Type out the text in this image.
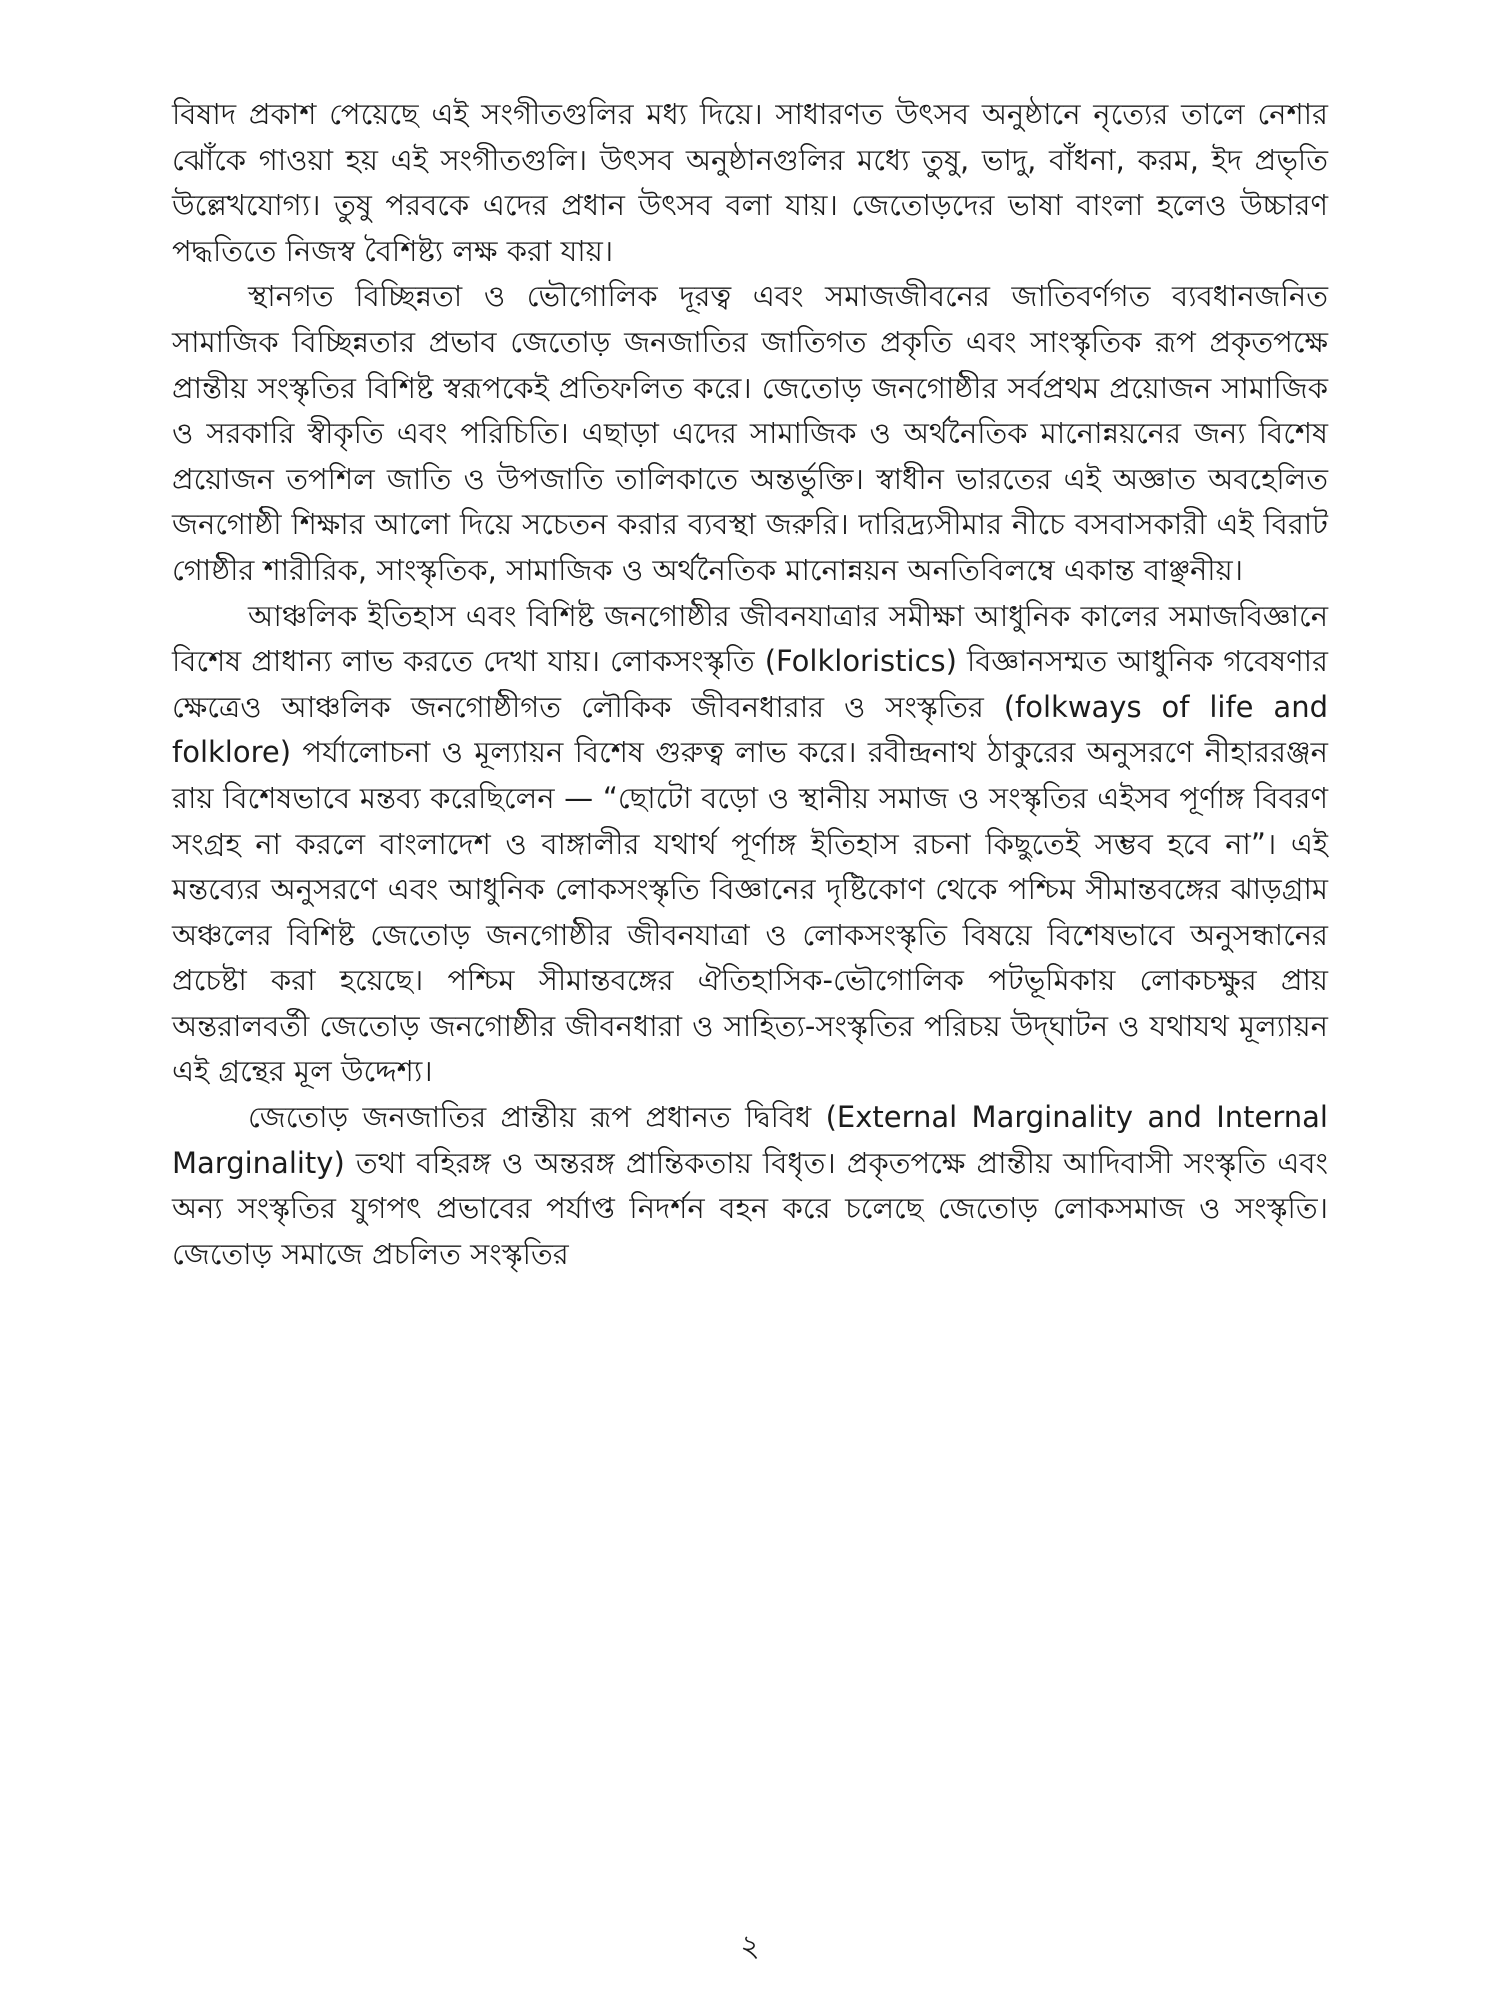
বিষাদ প্রকাশ পেয়েছে এই সংগীতগুলির মধ্য দিয়ে। সাধারণত উৎসব অনুষ্ঠানে নৃত্যের তালে নেশার ঝোঁকে গাওয়া হয় এই সংগীতগুলি। উৎসব অনুষ্ঠানগুলির মধ্যে তুষু, ভাদু, বাঁধনা, করম, ইদ প্রভৃতি উল্লেখযোগ্য। তুষু পরবকে এদের প্রধান উৎসব বলা যায়। জেতোড়দের ভাষা বাংলা হলেও উচ্চারণ পদ্ধতিতে নিজস্ব বৈশিষ্ট্য লক্ষ করা যায়।

স্থানগত বিচ্ছিন্নতা ও ভৌগোলিক দূরত্ব এবং সমাজজীবনের জাতিবর্ণগত ব্যবধানজনিত সামাজিক বিচ্ছিন্নতার প্রভাব জেতোড় জনজাতির জাতিগত প্রকৃতি এবং সাংস্কৃতিক রূপ প্রকৃতপক্ষে প্রান্তীয় সংস্কৃতির বিশিষ্ট স্বরূপকেই প্রতিফলিত করে। জেতোড় জনগোষ্ঠীর সর্বপ্রথম প্রয়োজন সামাজিক ও সরকারি স্বীকৃতি এবং পরিচিতি। এছাড়া এদের সামাজিক ও অর্থনৈতিক মানোন্নয়নের জন্য বিশেষ প্রয়োজন তপশিল জাতি ও উপজাতি তালিকাতে অন্তর্ভুক্তি। স্বাধীন ভারতের এই অজ্ঞাত অবহেলিত জনগোষ্ঠী শিক্ষার আলো দিয়ে সচেতন করার ব্যবস্থা জরুরি। দারিদ্র্যসীমার নীচে বসবাসকারী এই বিরাট গোষ্ঠীর শারীরিক, সাংস্কৃতিক, সামাজিক ও অর্থনৈতিক মানোন্নয়ন অনতিবিলম্বে একান্ত বাঞ্ছনীয়।

আঞ্চলিক ইতিহাস এবং বিশিষ্ট জনগোষ্ঠীর জীবনযাত্রার সমীক্ষা আধুনিক কালের সমাজবিজ্ঞানে বিশেষ প্রাধান্য লাভ করতে দেখা যায়। লোকসংস্কৃতি (Folkloristics) বিজ্ঞানসম্মত আধুনিক গবেষণার ক্ষেত্রেও আঞ্চলিক জনগোষ্ঠীগত লৌকিক জীবনধারার ও সংস্কৃতির (folkways of life and folklore) পর্যালোচনা ও মূল্যায়ন বিশেষ গুরুত্ব লাভ করে। রবীন্দ্রনাথ ঠাকুরের অনুসরণে নীহাররঞ্জন রায় বিশেষভাবে মন্তব্য করেছিলেন — “ছোটো বড়ো ও স্থানীয় সমাজ ও সংস্কৃতির এইসব পূর্ণাঙ্গ বিবরণ সংগ্রহ না করলে বাংলাদেশ ও বাঙ্গালীর যথার্থ পূর্ণাঙ্গ ইতিহাস রচনা কিছুতেই সম্ভব হবে না”। এই মন্তব্যের অনুসরণে এবং আধুনিক লোকসংস্কৃতি বিজ্ঞানের দৃষ্টিকোণ থেকে পশ্চিম সীমান্তবঙ্গের ঝাড়গ্রাম অঞ্চলের বিশিষ্ট জেতোড় জনগোষ্ঠীর জীবনযাত্রা ও লোকসংস্কৃতি বিষয়ে বিশেষভাবে অনুসন্ধানের প্রচেষ্টা করা হয়েছে। পশ্চিম সীমান্তবঙ্গের ঐতিহাসিক-ভৌগোলিক পটভূমিকায় লোকচক্ষুর প্রায় অন্তরালবর্তী জেতোড় জনগোষ্ঠীর জীবনধারা ও সাহিত্য-সংস্কৃতির পরিচয় উদ্‌ঘাটন ও যথাযথ মূল্যায়ন এই গ্রন্থের মূল উদ্দেশ্য।

জেতোড় জনজাতির প্রান্তীয় রূপ প্রধানত দ্বিবিধ (External Marginality and Internal Marginality) তথা বহিরঙ্গ ও অন্তরঙ্গ প্রান্তিকতায় বিধৃত। প্রকৃতপক্ষে প্রান্তীয় আদিবাসী সংস্কৃতি এবং অন্য সংস্কৃতির যুগপৎ প্রভাবের পর্যাপ্ত নিদর্শন বহন করে চলেছে জেতোড় লোকসমাজ ও সংস্কৃতি। জেতোড় সমাজে প্রচলিত সংস্কৃতির

২
